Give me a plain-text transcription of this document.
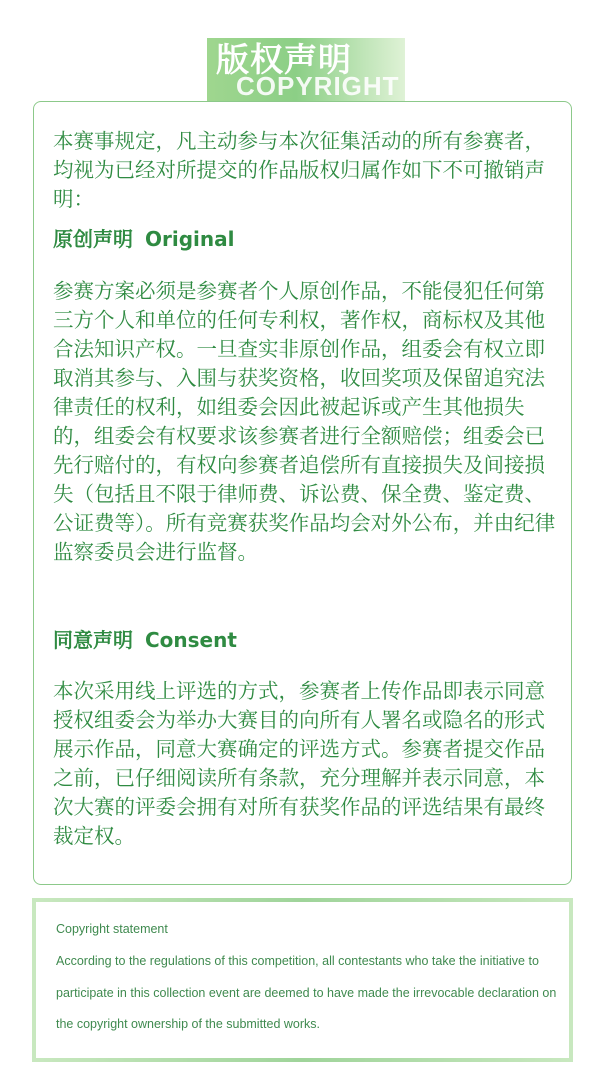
COPYRIGHT
版权声明
本赛事规定，凡主动参与本次征集活动的所有参赛者，均视为已经对所提交的作品版权归属作如下不可撤销声明：
原创声明 Original
参赛方案必须是参赛者个人原创作品，不能侵犯任何第三方个人和单位的任何专利权，著作权，商标权及其他合法知识产权。一旦查实非原创作品，组委会有权立即取消其参与、入围与获奖资格，收回奖项及保留追究法律责任的权利，如组委会因此被起诉或产生其他损失的，组委会有权要求该参赛者进行全额赔偿；组委会已先行赔付的，有权向参赛者追偿所有直接损失及间接损失（包括且不限于律师费、诉讼费、保全费、鉴定费、公证费等）。所有竞赛获奖作品均会对外公布，并由纪律监察委员会进行监督。
同意声明 Consent
本次采用线上评选的方式，参赛者上传作品即表示同意授权组委会为举办大赛目的向所有人署名或隐名的形式展示作品，同意大赛确定的评选方式。参赛者提交作品之前，已仔细阅读所有条款，充分理解并表示同意，本次大赛的评委会拥有对所有获奖作品的评选结果有最终裁定权。
Copyright statement
According to the regulations of this competition, all contestants who take the initiative to participate in this collection event are deemed to have made the irrevocable declaration on the copyright ownership of the submitted works.
